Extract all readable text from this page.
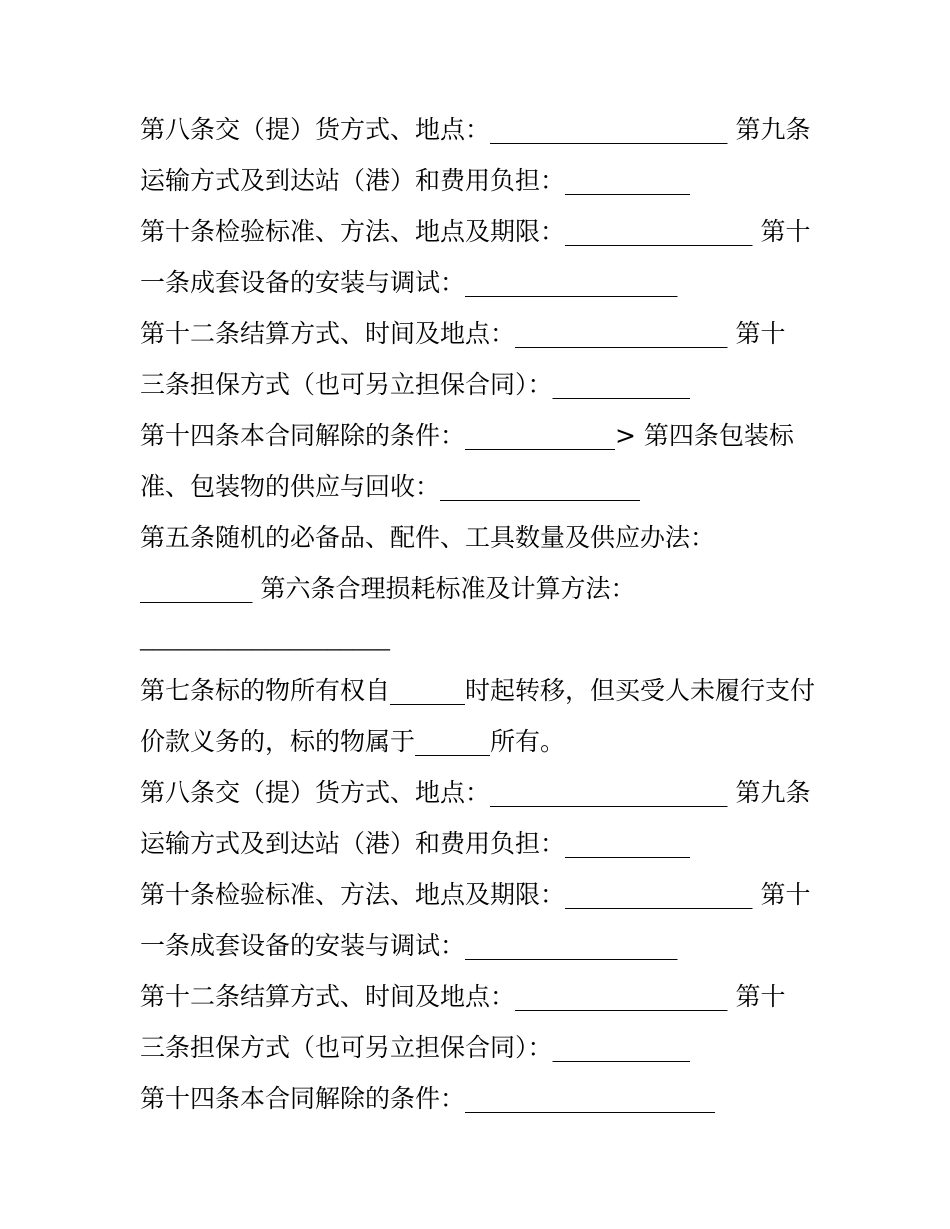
第八条交（提）货方式、地点：___________________ 第九条
运输方式及到达站（港）和费用负担：__________
第十条检验标准、方法、地点及期限：_______________ 第十
一条成套设备的安装与调试：_________________
第十二条结算方式、时间及地点：_________________ 第十
三条担保方式（也可另立担保合同）：___________
第十四条本合同解除的条件：____________> 第四条包装标
准、包装物的供应与回收：________________
第五条随机的必备品、配件、工具数量及供应办法：
_________ 第六条合理损耗标准及计算方法：
____________________
第七条标的物所有权自______时起转移，但买受人未履行支付
价款义务的，标的物属于______所有。
第八条交（提）货方式、地点：___________________ 第九条
运输方式及到达站（港）和费用负担：__________
第十条检验标准、方法、地点及期限：_______________ 第十
一条成套设备的安装与调试：_________________
第十二条结算方式、时间及地点：_________________ 第十
三条担保方式（也可另立担保合同）：___________
第十四条本合同解除的条件：____________________
